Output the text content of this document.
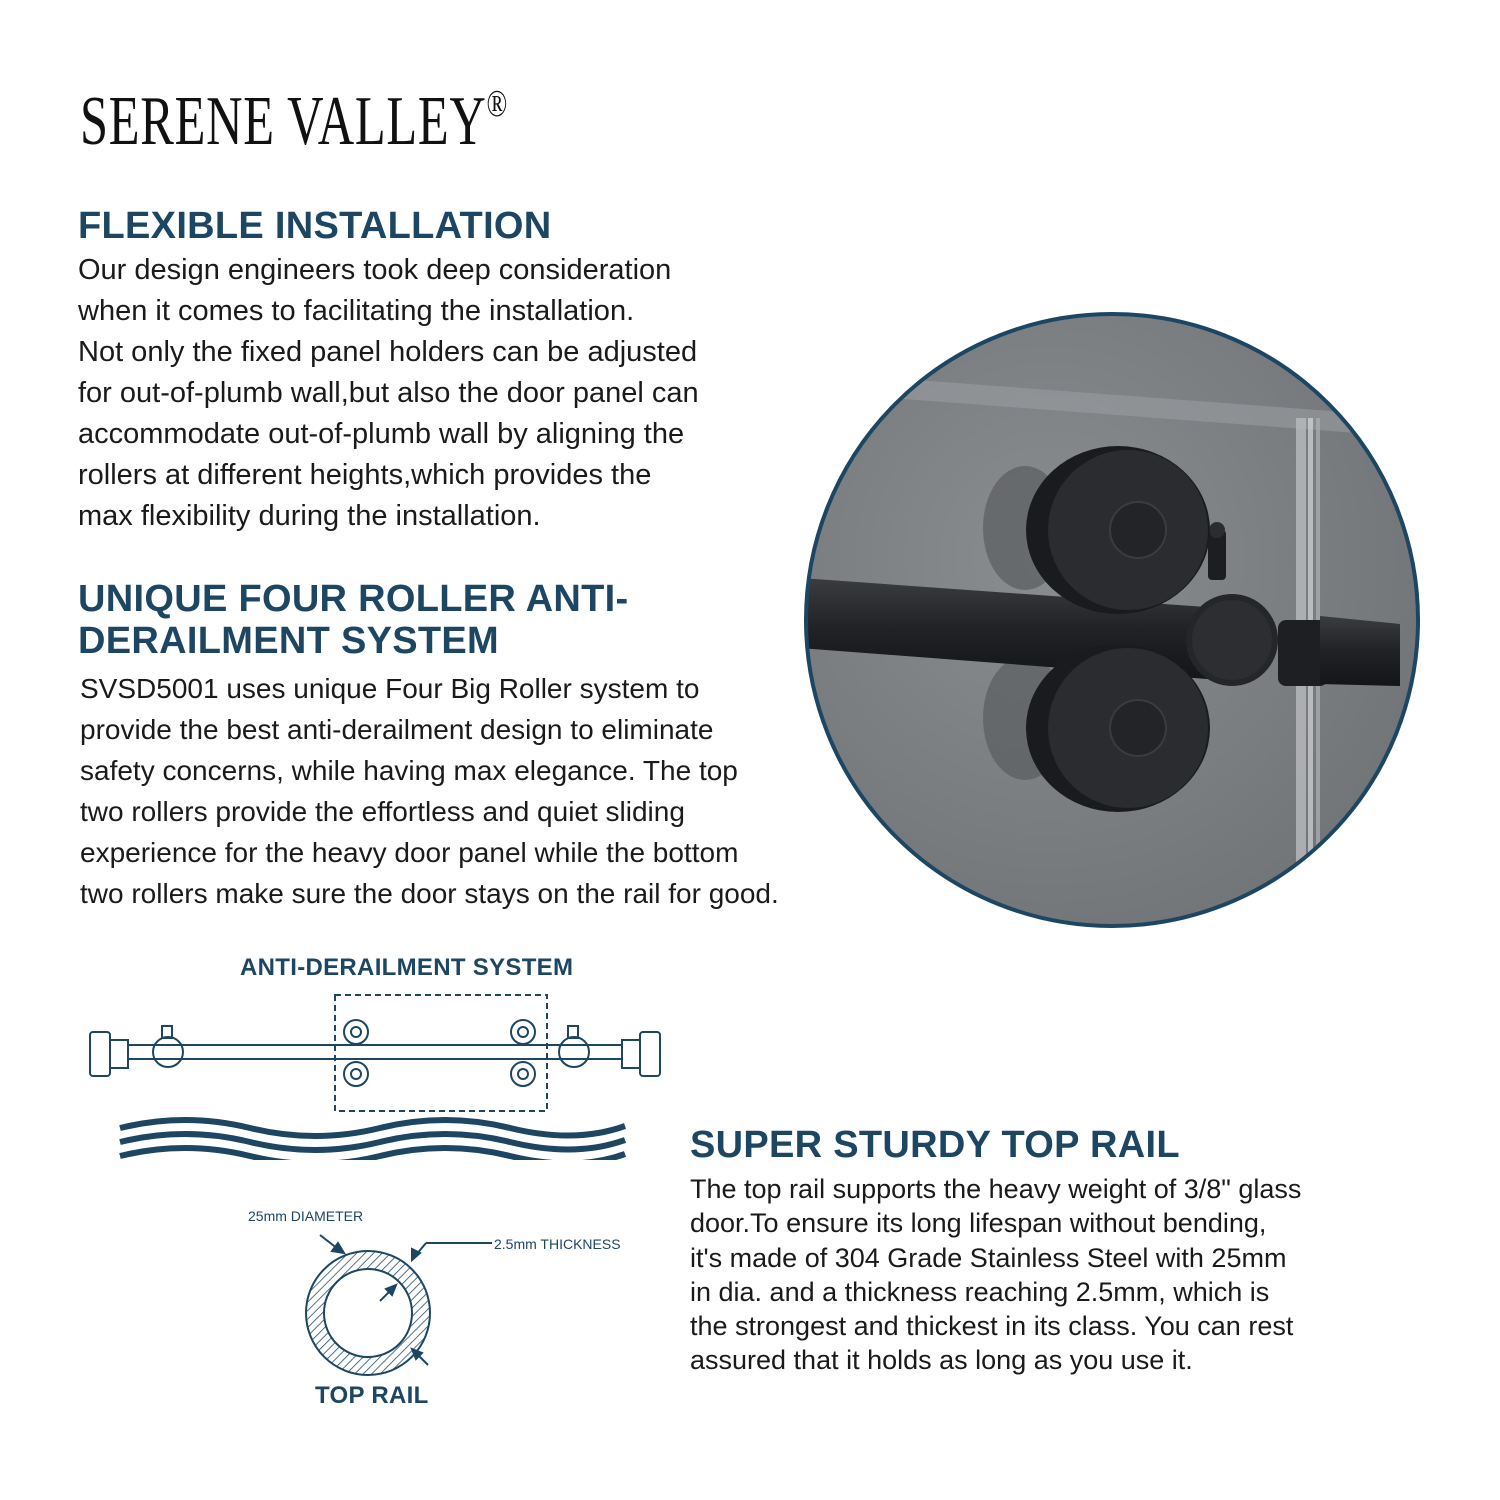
SERENE VALLEY®
FLEXIBLE INSTALLATION
Our design engineers took deep consideration
when it comes to facilitating the installation.
Not only the fixed panel holders can be adjusted
for out-of-plumb wall,but also the door panel can
accommodate out-of-plumb wall by aligning the
rollers at different heights,which provides the
max flexibility during the installation.
UNIQUE FOUR ROLLER ANTI-
DERAILMENT SYSTEM
SVSD5001 uses unique Four Big Roller system to
provide the best anti-derailment design to eliminate
safety concerns, while having max elegance. The top
two rollers provide the effortless and quiet sliding
experience for the heavy door panel while the bottom
two rollers make sure the door stays on the rail for good.
ANTI-DERAILMENT SYSTEM
25mm DIAMETER
2.5mm THICKNESS
TOP RAIL
SUPER STURDY TOP RAIL
The top rail supports the heavy weight of 3/8" glass
door.To ensure its long lifespan without bending,
it's made of 304 Grade Stainless Steel with 25mm
in dia. and a thickness reaching 2.5mm, which is
the strongest and thickest in its class. You can rest
assured that it holds as long as you use it.
